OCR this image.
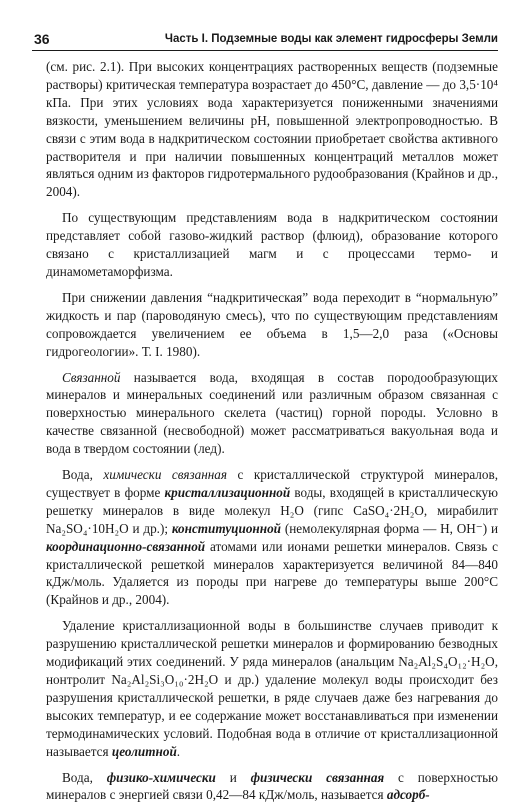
36	Часть I. Подземные воды как элемент гидросферы Земли

(см. рис. 2.1). При высоких концентрациях растворенных веществ (подземные растворы) критическая температура возрастает до 450°С, давление — до 3,5·10⁴ кПа. При этих условиях вода характеризуется пониженными значениями вязкости, уменьшением величины pH, повышенной электропроводностью. В связи с этим вода в надкритическом состоянии приобретает свойства активного растворителя и при наличии повышенных концентраций металлов может являться одним из факторов гидротермального рудообразования (Крайнов и др., 2004).

По существующим представлениям вода в надкритическом состоянии представляет собой газово-жидкий раствор (флюид), образование которого связано с кристаллизацией магм и с процессами термо- и динамометаморфизма.

При снижении давления “надкритическая” вода переходит в “нормальную” жидкость и пар (пароводяную смесь), что по существующим представлениям сопровождается увеличением ее объема в 1,5—2,0 раза («Основы гидрогеологии». Т. I. 1980).

Связанной называется вода, входящая в состав породообразующих минералов и минеральных соединений или различным образом связанная с поверхностью минерального скелета (частиц) горной породы. Условно в качестве связанной (несвободной) может рассматриваться вакуольная вода и вода в твердом состоянии (лед).

Вода, химически связанная с кристаллической структурой минералов, существует в форме кристаллизационной воды, входящей в кристаллическую решетку минералов в виде молекул H₂O (гипс CaSO₄·2H₂O, мирабилит Na₂SO₄·10H₂O и др.); конституционной (немолекулярная форма — H, OH⁻) и координационно-связанной атомами или ионами решетки минералов. Связь с кристаллической решеткой минералов характеризуется величиной 84—840 кДж/моль. Удаляется из породы при нагреве до температуры выше 200°С (Крайнов и др., 2004).

Удаление кристаллизационной воды в большинстве случаев приводит к разрушению кристаллической решетки минералов и формированию безводных модификаций этих соединений. У ряда минералов (анальцим Na₂Al₂S₄O₁₂·H₂O, нонтролит Na₂Al₂Si₃O₁₀·2H₂O и др.) удаление молекул воды происходит без разрушения кристаллической решетки, в ряде случаев даже без нагревания до высоких температур, и ее содержание может восстанавливаться при изменении термодинамических условий. Подобная вода в отличие от кристаллизационной называется цеолитной.

Вода, физико-химически и физически связанная с поверхностью минералов с энергией связи 0,42—84 кДж/моль, называется адсорб-
